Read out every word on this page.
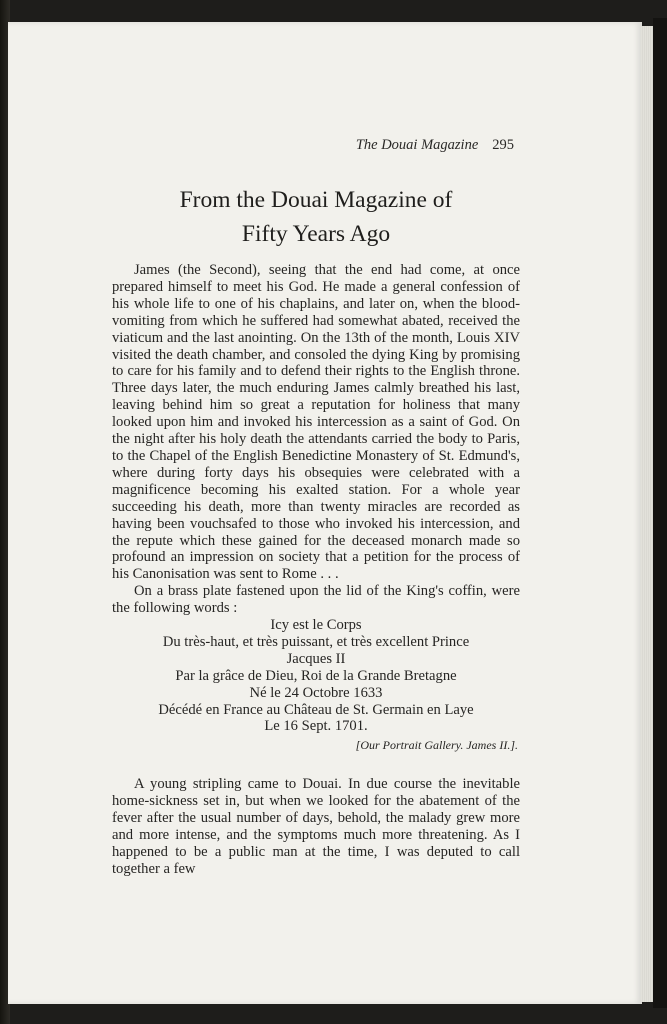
The Douai Magazine 295
From the Douai Magazine of
Fifty Years Ago

James (the Second), seeing that the end had come, at once prepared himself to meet his God. He made a general confession of his whole life to one of his chaplains, and later on, when the blood-vomiting from which he suffered had somewhat abated, received the viaticum and the last anointing. On the 13th of the month, Louis XIV visited the death chamber, and consoled the dying King by promising to care for his family and to defend their rights to the English throne. Three days later, the much enduring James calmly breathed his last, leaving behind him so great a reputation for holiness that many looked upon him and invoked his intercession as a saint of God. On the night after his holy death the attendants carried the body to Paris, to the Chapel of the English Benedictine Monastery of St. Edmund's, where during forty days his obsequies were celebrated with a magnificence becoming his exalted station. For a whole year succeeding his death, more than twenty miracles are recorded as having been vouchsafed to those who invoked his intercession, and the repute which these gained for the deceased monarch made so profound an impression on society that a petition for the process of his Canonisation was sent to Rome . . .

On a brass plate fastened upon the lid of the King's coffin, were the following words :

Icy est le Corps
Du très-haut, et très puissant, et très excellent Prince
Jacques II
Par la grâce de Dieu, Roi de la Grande Bretagne
Né le 24 Octobre 1633
Décédé en France au Château de St. Germain en Laye
Le 16 Sept. 1701.

[Our Portrait Gallery. James II.].

A young stripling came to Douai. In due course the inevitable home-sickness set in, but when we looked for the abatement of the fever after the usual number of days, behold, the malady grew more and more intense, and the symptoms much more threatening. As I happened to be a public man at the time, I was deputed to call together a few
